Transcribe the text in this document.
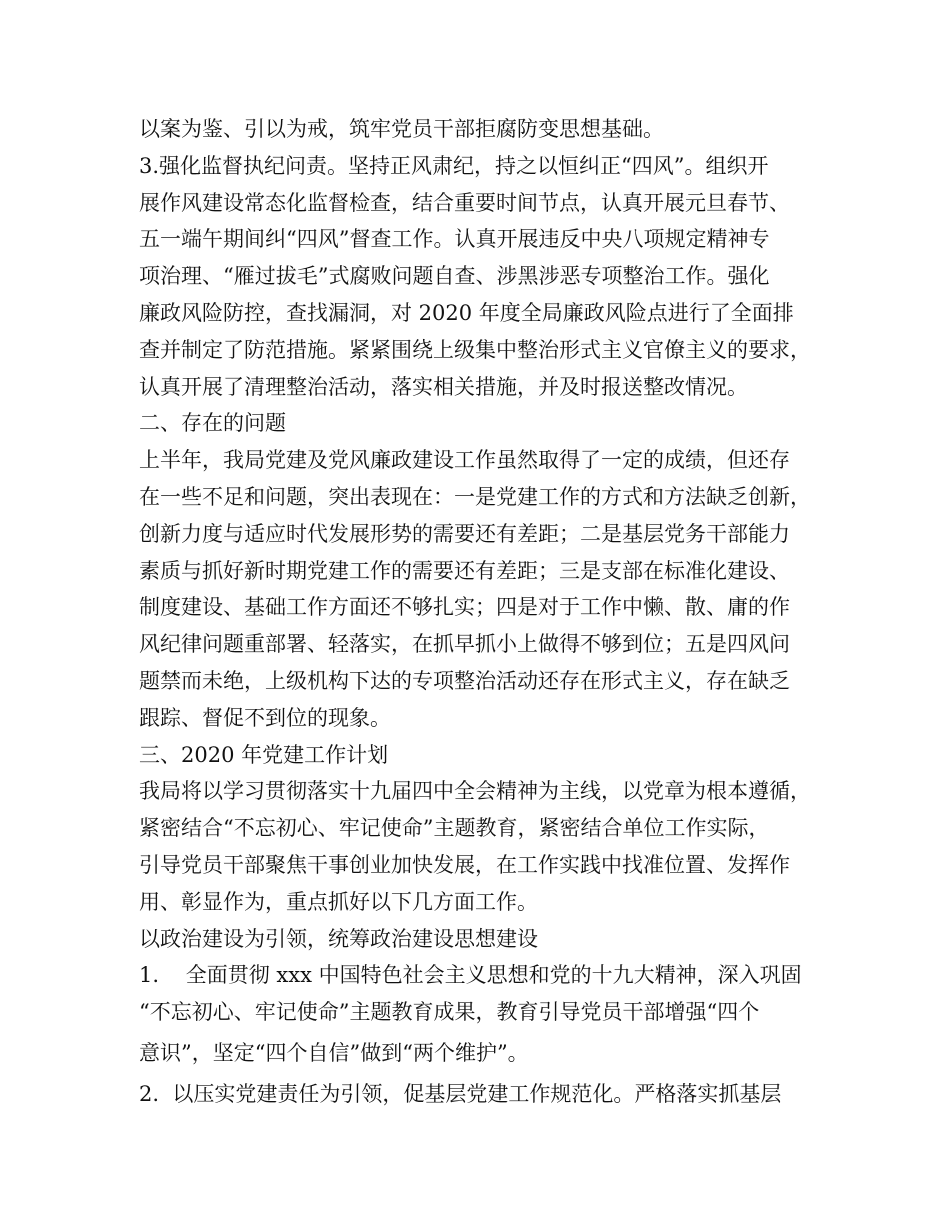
以案为鉴、引以为戒，筑牢党员干部拒腐防变思想基础。
3.强化监督执纪问责。坚持正风肃纪，持之以恒纠正“四风”。组织开
展作风建设常态化监督检查，结合重要时间节点，认真开展元旦春节、
五一端午期间纠“四风”督查工作。认真开展违反中央八项规定精神专
项治理、“雁过拔毛”式腐败问题自查、涉黑涉恶专项整治工作。强化
廉政风险防控，查找漏洞，对 2020 年度全局廉政风险点进行了全面排
查并制定了防范措施。紧紧围绕上级集中整治形式主义官僚主义的要求，
认真开展了清理整治活动，落实相关措施，并及时报送整改情况。
二、存在的问题
上半年，我局党建及党风廉政建设工作虽然取得了一定的成绩，但还存
在一些不足和问题，突出表现在：一是党建工作的方式和方法缺乏创新，
创新力度与适应时代发展形势的需要还有差距；二是基层党务干部能力
素质与抓好新时期党建工作的需要还有差距；三是支部在标准化建设、
制度建设、基础工作方面还不够扎实；四是对于工作中懒、散、庸的作
风纪律问题重部署、轻落实，在抓早抓小上做得不够到位；五是四风问
题禁而未绝，上级机构下达的专项整治活动还存在形式主义，存在缺乏
跟踪、督促不到位的现象。
三、2020 年党建工作计划
我局将以学习贯彻落实十九届四中全会精神为主线，以党章为根本遵循，
紧密结合“不忘初心、牢记使命”主题教育，紧密结合单位工作实际，
引导党员干部聚焦干事创业加快发展，在工作实践中找准位置、发挥作
用、彰显作为，重点抓好以下几方面工作。
以政治建设为引领，统筹政治建设思想建设
1.    全面贯彻 xxx 中国特色社会主义思想和党的十九大精神，深入巩固
“不忘初心、牢记使命”主题教育成果，教育引导党员干部增强“四个
意识”，坚定“四个自信”做到“两个维护”。
2.  以压实党建责任为引领，促基层党建工作规范化。严格落实抓基层
